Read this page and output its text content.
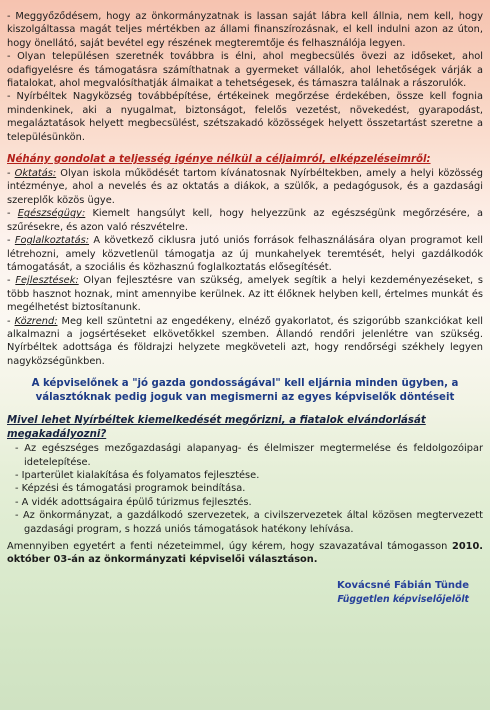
- Meggyőződésem, hogy az önkormányzatnak is lassan saját lábra kell állnia, nem kell, hogy kiszolgáltassa magát teljes mértékben az állami finanszírozásnak, el kell indulni azon az úton, hogy önellátó, saját bevétel egy részének megteremtője és felhasználója legyen.

- Olyan településen szeretnék továbbra is élni, ahol megbecsülés övezi az időseket, ahol odafigyelésre és támogatásra számíthatnak a gyermeket vállalók, ahol lehetőségek várják a fiatalokat, ahol megvalósíthatják álmaikat a tehetségesek, és támaszra találnak a rászorulók.

- Nyírbéltek Nagyközség továbbépítése, értékeinek megőrzése érdekében, össze kell fognia mindenkinek, aki a nyugalmat, biztonságot, felelős vezetést, növekedést, gyarapodást, megaláztatások helyett megbecsülést, szétszakadó közösségek helyett összetartást szeretne a településünkön.

Néhány gondolat a teljesség igénye nélkül a céljaimról, elképzeléseimről:

- Oktatás: Olyan iskola működését tartom kívánatosnak Nyírbéltekben, amely a helyi közösség intézménye, ahol a nevelés és az oktatás a diákok, a szülők, a pedagógusok, és a gazdasági szereplők közös ügye.

- Egészségügy: Kiemelt hangsúlyt kell, hogy helyezzünk az egészségünk megőrzésére, a szűrésekre, és azon való részvételre.

- Foglalkoztatás: A következő ciklusra jutó uniós források felhasználására olyan programot kell létrehozni, amely közvetlenül támogatja az új munkahelyek teremtését, helyi gazdálkodók támogatását, a szociális és közhasznú foglalkoztatás elősegítését.

- Fejlesztések: Olyan fejlesztésre van szükség, amelyek segítik a helyi kezdeményezéseket, s több hasznot hoznak, mint amennyibe kerülnek. Az itt élőknek helyben kell, értelmes munkát és megélhetést biztosítanunk.

- Közrend: Meg kell szüntetni az engedékeny, elnéző gyakorlatot, és szigorúbb szankciókat kell alkalmazni a jogsértéseket elkövetőkkel szemben. Állandó rendőri jelenlétre van szükség. Nyírbéltek adottsága és földrajzi helyzete megköveteli azt, hogy rendőrségi székhely legyen nagyközségünkben.

A képviselőnek a "jó gazda gondosságával" kell eljárnia minden ügyben, a választóknak pedig joguk van megismerni az egyes képviselők döntéseit
Mivel lehet Nyírbéltek kiemelkedését megőrizni, a fiatalok elvándorlását megakadályozni?
- Az egészséges mezőgazdasági alapanyag- és élelmiszer megtermelése és feldolgozóipar idetelepítése.
- Iparterület kialakítása és folyamatos fejlesztése.
- Képzési és támogatási programok beindítása.
- A vidék adottságaira épülő túrizmus fejlesztés.
- Az önkormányzat, a gazdálkodó szervezetek, a civilszervezetek által közösen megtervezett gazdasági program, s hozzá uniós támogatások hatékony lehívása.

Amennyiben egyetért a fenti nézeteimmel, úgy kérem, hogy szavazatával támogasson 2010. október 03-án az önkormányzati képviselői választáson.

Kovácsné Fábián Tünde
Független képviselőjelölt
